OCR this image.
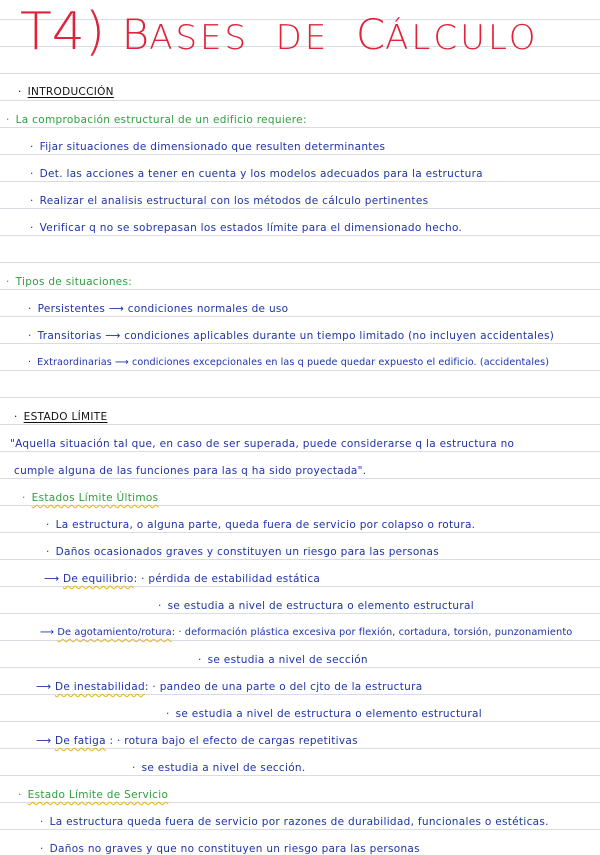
T4) BASES DE CÁLCULO
· INTRODUCCIÓN
· La comprobación estructural de un edificio requiere:
· Fijar situaciones de dimensionado que resulten determinantes
· Det. las acciones a tener en cuenta y los modelos adecuados para la estructura
· Realizar el analisis estructural con los métodos de cálculo pertinentes
· Verificar q no se sobrepasan los estados límite para el dimensionado hecho.
· Tipos de situaciones:
· Persistentes ⟶ condiciones normales de uso
· Transitorias ⟶ condiciones aplicables durante un tiempo limitado (no incluyen accidentales)
· Extraordinarias ⟶ condiciones excepcionales en las q puede quedar expuesto el edificio. (accidentales)
· ESTADO LÍMITE
"Aquella situación tal que, en caso de ser superada, puede considerarse q la estructura no
cumple alguna de las funciones para las q ha sido proyectada".
· Estados Límite Últimos
· La estructura, o alguna parte, queda fuera de servicio por colapso o rotura.
· Daños ocasionados graves y constituyen un riesgo para las personas
⟶ De equilibrio: · pérdida de estabilidad estática
· se estudia a nivel de estructura o elemento estructural
⟶ De agotamiento/rotura: · deformación plástica excesiva por flexión, cortadura, torsión, punzonamiento
· se estudia a nivel de sección
⟶ De inestabilidad: · pandeo de una parte o del cjto de la estructura
· se estudia a nivel de estructura o elemento estructural
⟶ De fatiga : · rotura bajo el efecto de cargas repetitivas
· se estudia a nivel de sección.
· Estado Límite de Servicio
· La estructura queda fuera de servicio por razones de durabilidad, funcionales o estéticas.
· Daños no graves y que no constituyen un riesgo para las personas
